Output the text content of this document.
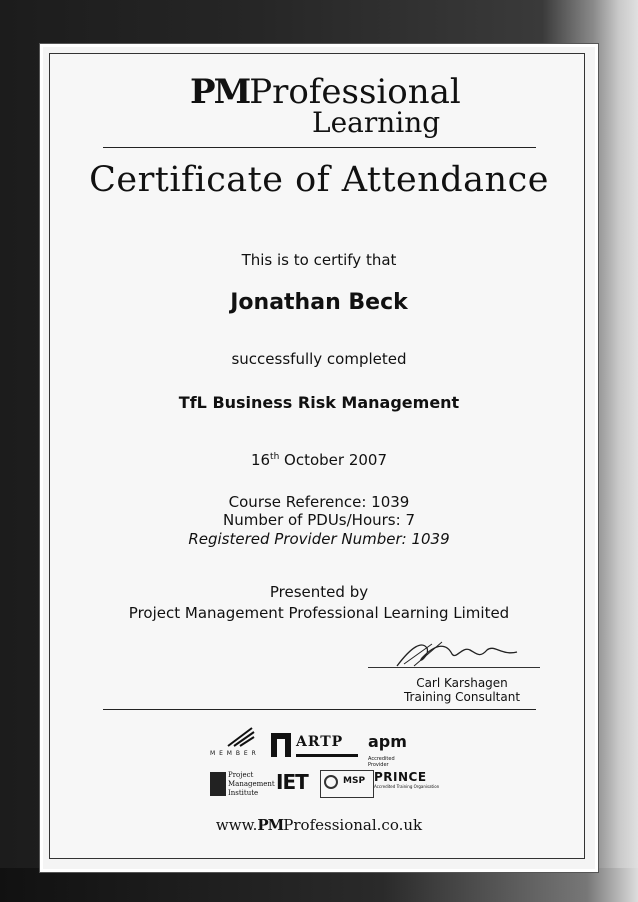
PMProfessional
Learning
Certificate of Attendance
This is to certify that
Jonathan Beck
successfully completed
TfL Business Risk Management
16th October 2007
Course Reference: 1039
Number of PDUs/Hours: 7
Registered Provider Number: 1039
Presented by
Project Management Professional Learning Limited
Carl Karshagen
Training Consultant
M E M B E R
ARTP	apm Accredited Provider
Project
Management
Institute IET	MSP PRINCE
Accredited Training Organisation
www.PMProfessional.co.uk
